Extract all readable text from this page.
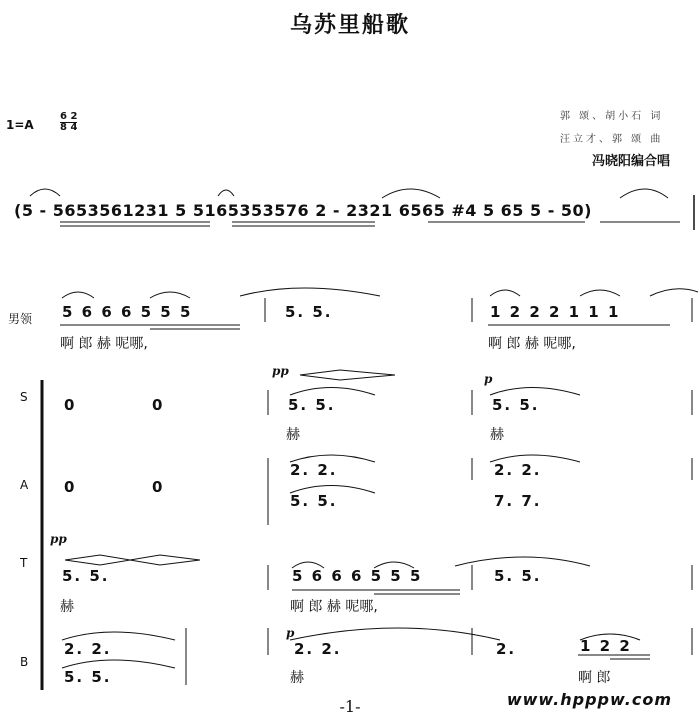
乌苏里船歌
1=A
6 2
8 4
郭 颂、胡小石 词
汪立才、郭 颂 曲
冯晓阳编合唱
(5 - 5653561231 5 5165353576 2 - 2321 6565 #4 5 65 5 - 50)
男领 5 6 6 6 5 5 5	5. 5.	1 2 2 2 1 1 1
啊 郎 赫 呢哪,	啊 郎 赫 呢哪,
S 0	0
pp
p
5. 5.	5. 5.
赫	赫
A 0	0
2. 2.
5. 5.
2. 2.
7. 7.
T
pp
5. 5.	5 6 6 6 5 5 5	5. 5.
赫	啊 郎 赫 呢哪,
B
2. 2.
5. 5.
p
2. 2.	2.	1 2 2
赫	啊 郎
-1-	www.hpppw.com
